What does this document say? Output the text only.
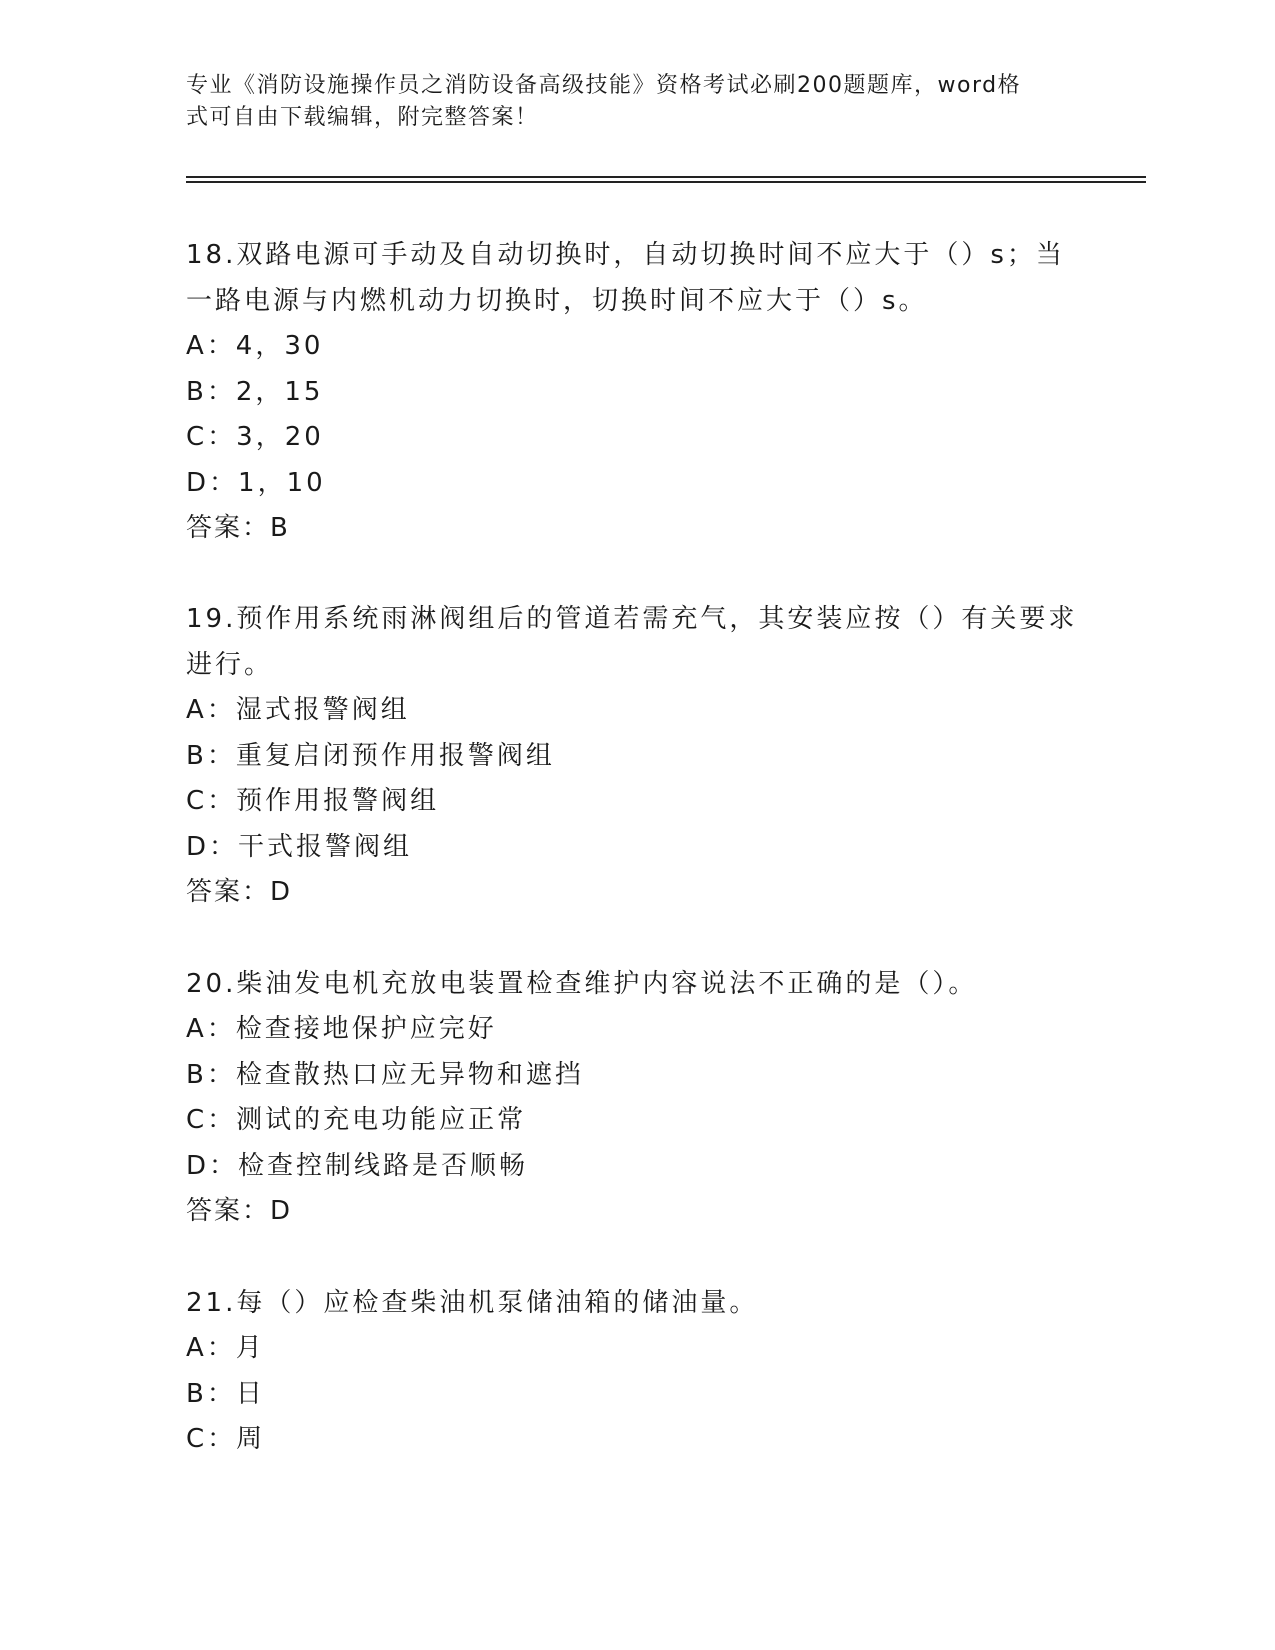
专业《消防设施操作员之消防设备高级技能》资格考试必刷200题题库，word格
式可自由下载编辑，附完整答案！
18.双路电源可手动及自动切换时，自动切换时间不应大于（）s；当
一路电源与内燃机动力切换时，切换时间不应大于（）s。
A：4，30
B：2，15
C：3，20
D：1，10
答案：B
19.预作用系统雨淋阀组后的管道若需充气，其安装应按（）有关要求
进行。
A：湿式报警阀组
B：重复启闭预作用报警阀组
C：预作用报警阀组
D：干式报警阀组
答案：D
20.柴油发电机充放电装置检查维护内容说法不正确的是（）。
A：检查接地保护应完好
B：检查散热口应无异物和遮挡
C：测试的充电功能应正常
D：检查控制线路是否顺畅
答案：D
21.每（）应检查柴油机泵储油箱的储油量。
A：月
B：日
C：周
